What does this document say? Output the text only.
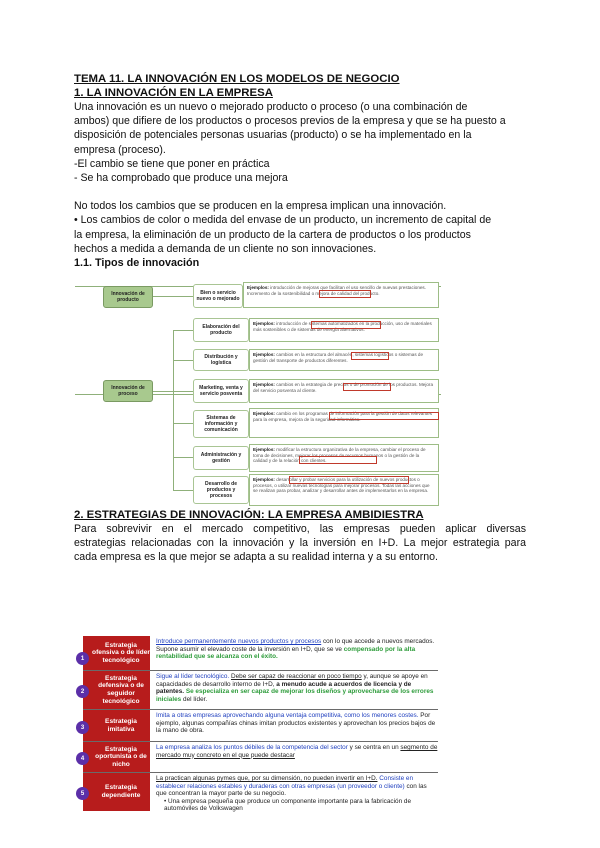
TEMA 11. LA INNOVACIÓN EN LOS MODELOS DE NEGOCIO

1. LA INNOVACIÓN EN LA EMPRESA

Una innovación es un nuevo o mejorado producto o proceso (o una combinación de

ambos) que difiere de los productos o procesos previos de la empresa y que se ha puesto a

disposición de potenciales personas usuarias (producto) o se ha implementado en la

empresa (proceso).

-El cambio se tiene que poner en práctica

- Se ha comprobado que produce una mejora

No todos los cambios que se producen en la empresa implican una innovación.

• Los cambios de color o medida del envase de un producto, un incremento de capital de

la empresa, la eliminación de un producto de la cartera de productos o los productos

hechos a medida a demanda de un cliente no son innovaciones.

1.1. Tipos de innovación

Innovación de producto
Innovación de proceso
Bien o servicio nuevo o mejorado
Elaboración del producto
Distribución y logística
Marketing, venta y servicio posventa
Sistemas de información y comunicación
Administración y gestión
Desarrollo de productos y procesos
Ejemplos: introducción de mejoras que facilitan el uso sencillo de nuevas prestaciones. Incremento de la sostenibilidad o mejora de calidad del producto.
Ejemplos: introducción de sistemas automatizados en la producción, uso de materiales más sostenibles o de sistemas de energía alternativos.
Ejemplos: cambios en la estructura del almacén, sistemas logísticos o sistemas de gestión del transporte de productos diferentes.
Ejemplos: cambios en la estrategia de precios o de promoción de los productos. Mejora del servicio posventa al cliente.
Ejemplos: cambio en los programas de información para la gestión de datos relevantes para la empresa, mejora de la seguridad informática.
Ejemplos: modificar la estructura organizativa de la empresa, cambiar el proceso de toma de decisiones, mejorar los procesos de recursos humanos o la gestión de la calidad y de la relación con clientes.
Ejemplos: desarrollar y probar servicios para la utilización de nuevos productos o procesos, o utilizar nuevas tecnologías para mejorar procesos. Todas las acciones que se realizan para probar, analizar y desarrollar antes de implementarlos en la empresa.

2. ESTRATEGIAS DE INNOVACIÓN: LA EMPRESA AMBIDIESTRA

Para sobrevivir en el mercado competitivo, las empresas pueden aplicar diversas

estrategias relacionadas con la innovación y la inversión en I+D. La mejor estrategia para

cada empresa es la que mejor se adapta a su realidad interna y a su entorno.

Estrategia ofensiva o de líder tecnológico
1
Introduce permanentemente nuevos productos y procesos con lo que accede a nuevos mercados. Supone asumir el elevado coste de la inversión en I+D, que se ve compensado por la alta rentabilidad que se alcanza con el éxito.
Estrategia defensiva o de seguidor tecnológico
2
Sigue al líder tecnológico. Debe ser capaz de reaccionar en poco tiempo y, aunque se apoye en capacidades de desarrollo interno de I+D, a menudo acude a acuerdos de licencia y de patentes. Se especializa en ser capaz de mejorar los diseños y aprovecharse de los errores iniciales del líder.
Estrategia imitativa
3
Imita a otras empresas aprovechando alguna ventaja competitiva, como los menores costes. Por ejemplo, algunas compañías chinas imitan productos existentes y aprovechan los precios bajos de la mano de obra.
Estrategia oportunista o de nicho
4
La empresa analiza los puntos débiles de la competencia del sector y se centra en un segmento de mercado muy concreto en el que puede destacar
Estrategia dependiente
5
La practican algunas pymes que, por su dimensión, no pueden invertir en I+D. Consiste en establecer relaciones estables y duraderas con otras empresas (un proveedor o cliente) con las que concentran la mayor parte de su negocio.
• Una empresa pequeña que produce un componente importante para la fabricación de automóviles de Volkswagen
